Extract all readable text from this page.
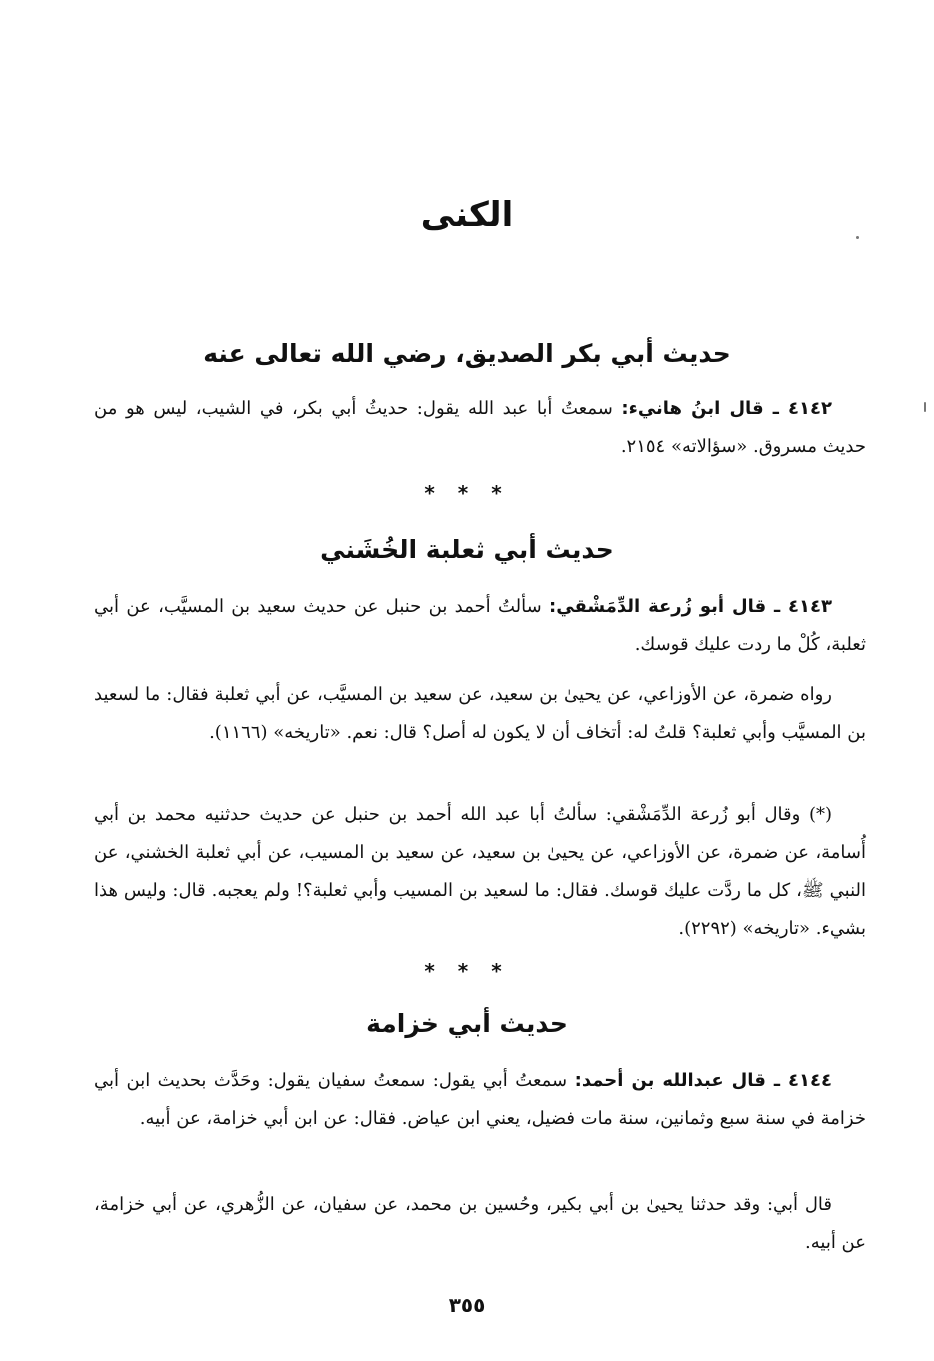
الكنى
حديث أبي بكر الصديق، رضي الله تعالى عنه
٤١٤٢ ـ قال ابنُ هانيء: سمعتُ أبا عبد الله يقول: حديثُ أبي بكر، في الشيب، ليس هو من حديث مسروق. «سؤالاته» ٢١٥٤.
* * *
حديث أبي ثعلبة الخُشَني
٤١٤٣ ـ قال أبو زُرعة الدِّمَشْقي: سألتُ أحمد بن حنبل عن حديث سعيد بن المسيَّب، عن أبي ثعلبة، كُلْ ما ردت عليك قوسك.
رواه ضمرة، عن الأوزاعي، عن يحيىٰ بن سعيد، عن سعيد بن المسيَّب، عن أبي ثعلبة فقال: ما لسعيد بن المسيَّب وأبي ثعلبة؟ قلتُ له: أتخاف أن لا يكون له أصل؟ قال: نعم. «تاريخه» (١١٦٦).
(*) وقال أبو زُرعة الدِّمَشْقي: سألتُ أبا عبد الله أحمد بن حنبل عن حديث حدثنيه محمد بن أبي أُسامة، عن ضمرة، عن الأوزاعي، عن يحيىٰ بن سعيد، عن سعيد بن المسيب، عن أبي ثعلبة الخشني، عن النبي ﷺ، كل ما ردَّت عليك قوسك. فقال: ما لسعيد بن المسيب وأبي ثعلبة؟! ولم يعجبه. قال: وليس هذا بشيء. «تاريخه» (٢٢٩٢).
* * *
حديث أبي خزامة
٤١٤٤ ـ قال عبدالله بن أحمد: سمعتُ أبي يقول: سمعتُ سفيان يقول: وحَدَّث بحديث ابن أبي خزامة في سنة سبع وثمانين، سنة مات فضيل، يعني ابن عياض. فقال: عن ابن أبي خزامة، عن أبيه.
قال أبي: وقد حدثنا يحيىٰ بن أبي بكير، وحُسين بن محمد، عن سفيان، عن الزُّهري، عن أبي خزامة، عن أبيه.
٣٥٥
